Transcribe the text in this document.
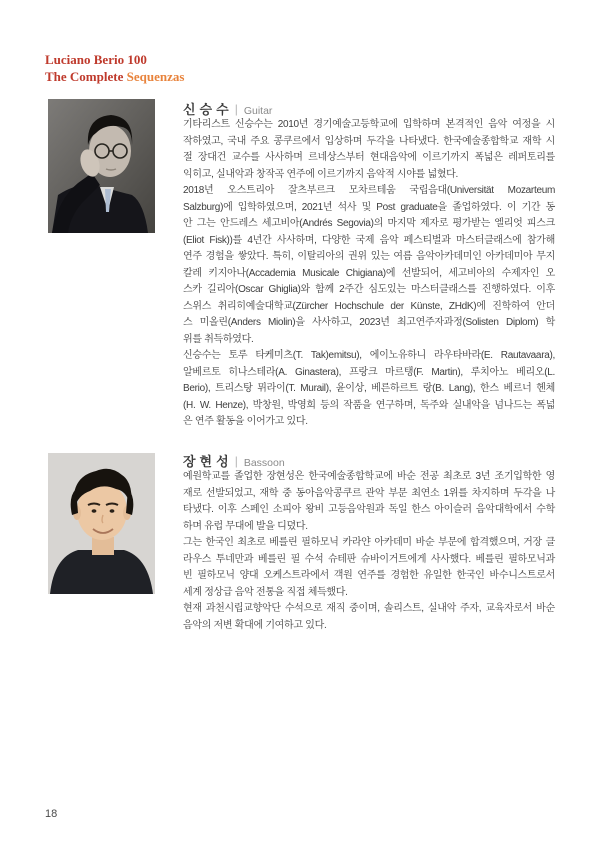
Luciano Berio 100
The Complete Sequenzas
신승수 | Guitar
기타리스트 신승수는 2010년 경기예술고등학교에 입학하며 본격적인 음악 여정을 시
작하였고, 국내 주요 콩쿠르에서 입상하며 두각을 나타냈다. 한국예술종합학교 재학 시
절 장대건 교수를 사사하며 르네상스부터 현대음악에 이르기까지 폭넓은 레퍼토리를
익히고, 실내악과 창작곡 연주에 이르기까지 음악적 시야를 넓혔다.
2018년 오스트리아 잘츠부르크 모차르테움 국립음대(Universität Mozarteum
Salzburg)에 입학하였으며, 2021년 석사 및 Post graduate을 졸업하였다. 이 기간 동
안 그는 안드레스 세고비아(Andrés Segovia)의 마지막 제자로 평가받는 엘리엇 피스크
(Eliot Fisk))를 4년간 사사하며, 다양한 국제 음악 페스티벌과 마스터클래스에 참가해
연주 경험을 쌓았다. 특히, 이탈리아의 권위 있는 여름 음악아카데미인 아카데미아 무지
칼레 키지아나(Accademia Musicale Chigiana)에 선발되어, 세고비아의 수제자인 오
스카 길리아(Oscar Ghiglia)와 함께 2주간 심도있는 마스터클래스를 진행하였다. 이후
스위스 취리히예술대학교(Zürcher Hochschule der Künste, ZHdK)에 진학하여 안더
스 미올린(Anders Miolin)을 사사하고, 2023년 최고연주자과정(Solisten Diplom) 학
위를 취득하였다.
신승수는 토루 타케미츠(T. Tak)emitsu), 에이노유하니 라우타바라(E. Rautavaara),
알베르토 히나스테라(A. Ginastera), 프랑크 마르탱(F. Martin), 루치아노 베리오(L.
Berio), 트리스탕 뮈라이(T. Murail), 윤이상, 베른하르트 랑(B. Lang), 한스 베르너 헨체
(H. W. Henze), 박창원, 박영희 등의 작품을 연구하며, 독주와 실내악을 넘나드는 폭넓
은 연주 활동을 이어가고 있다.
장현성 | Bassoon
예원학교를 졸업한 장현성은 한국예술종합학교에 바순 전공 최초로 3년 조기입학한 영
재로 선발되었고, 재학 중 동아음악콩쿠르 관악 부문 최연소 1위를 차지하며 두각을 나
타냈다. 이후 스페인 소피아 왕비 고등음악원과 독일 한스 아이슬러 음악대학에서 수학
하며 유럽 무대에 발을 디뎠다.
그는 한국인 최초로 베를린 필하모닉 카라얀 아카데미 바순 부문에 합격했으며, 거장 클
라우스 투네만과 베를린 필 수석 슈테판 슈바이거트에게 사사했다. 베를린 필하모닉과
빈 필하모닉 양대 오케스트라에서 객원 연주를 경험한 유일한 한국인 바수니스트로서
세계 정상급 음악 전통을 직접 체득했다.
현재 과천시립교향악단 수석으로 재직 중이며, 솔리스트, 실내악 주자, 교육자로서 바순
음악의 저변 확대에 기여하고 있다.
18
